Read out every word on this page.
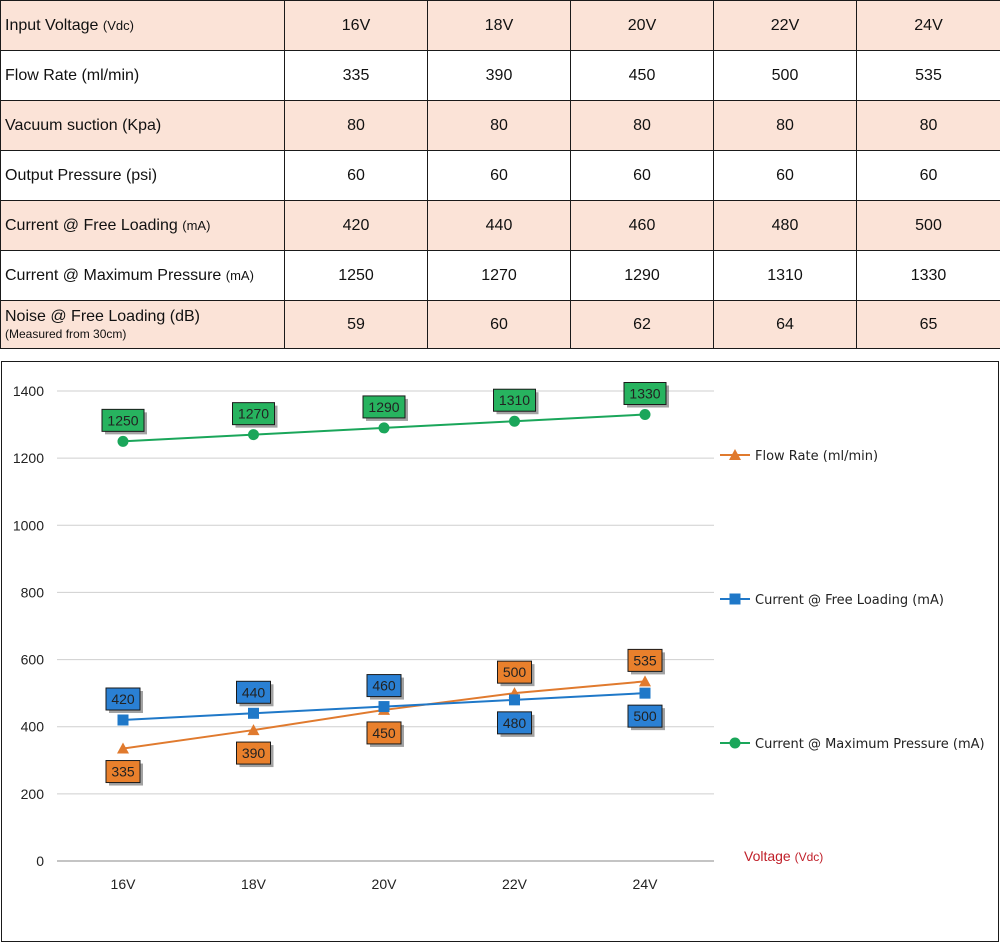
Input Voltage (Vdc)	16V	18V	20V	22V	24V
Flow Rate (ml/min)	335	390	450	500	535
Vacuum suction (Kpa)	80	80	80	80	80
Output Pressure (psi)	60	60	60	60	60
Current @ Free Loading (mA)	420	440	460	480	500
Current @ Maximum Pressure (mA)	1250	1270	1290	1310	1330
Noise @ Free Loading (dB)
(Measured from 30cm)	59	60	62	64	65
0
200
400
600
800
1000
1200
1400
16V	18V	20V	22V	24V
Voltage (Vdc)
335
390
450
500
535
420	440	460
480	500
1250	1270	1290	1310	1330
Flow Rate (ml/min)
Current @ Free Loading (mA)
Current @ Maximum Pressure (mA)
